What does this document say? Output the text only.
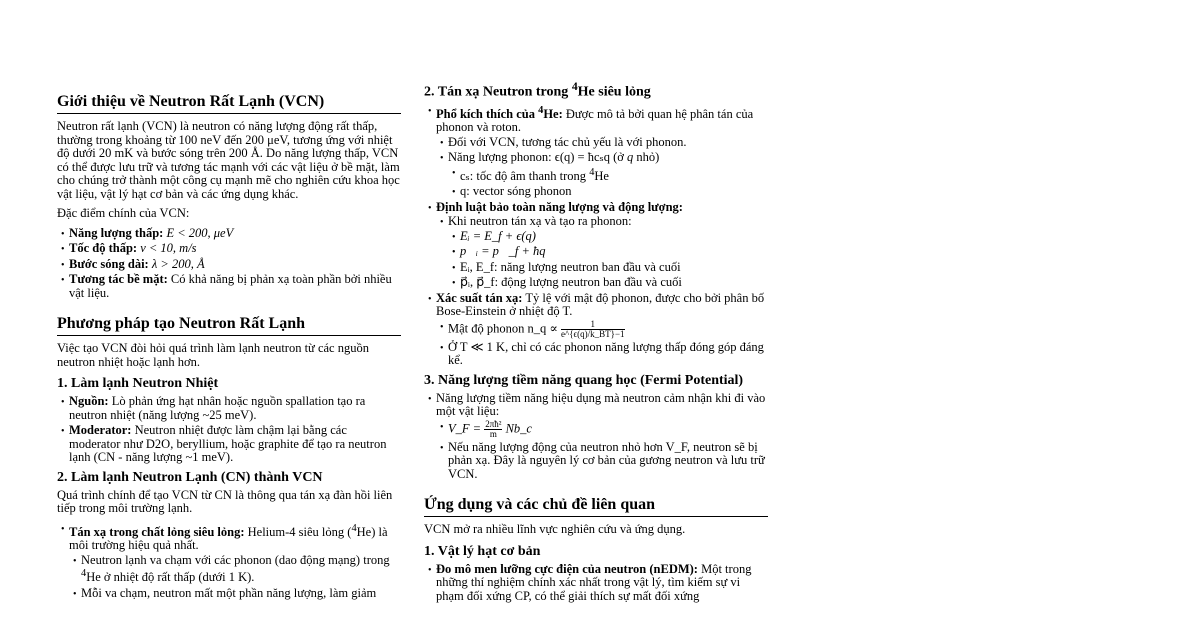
Giới thiệu về Neutron Rất Lạnh (VCN)

Neutron rất lạnh (VCN) là neutron có năng lượng động rất thấp, thường trong khoảng từ 100 neV đến 200 μeV, tương ứng với nhiệt độ dưới 20 mK và bước sóng trên 200 Å. Do năng lượng thấp, VCN có thể được lưu trữ và tương tác mạnh với các vật liệu ở bề mặt, làm cho chúng trở thành một công cụ mạnh mẽ cho nghiên cứu khoa học vật liệu, vật lý hạt cơ bản và các ứng dụng khác.

Đặc điểm chính của VCN:

• Năng lượng thấp: E < 200, μeV
• Tốc độ thấp: v < 10, m/s
• Bước sóng dài: λ > 200, Å
• Tương tác bề mặt: Có khả năng bị phản xạ toàn phần bởi nhiều vật liệu.
Phương pháp tạo Neutron Rất Lạnh

Việc tạo VCN đòi hỏi quá trình làm lạnh neutron từ các nguồn neutron nhiệt hoặc lạnh hơn.

1. Làm lạnh Neutron Nhiệt
• Nguồn: Lò phản ứng hạt nhân hoặc nguồn spallation tạo ra neutron nhiệt (năng lượng ~25 meV).
• Moderator: Neutron nhiệt được làm chậm lại bằng các moderator như D2O, beryllium, hoặc graphite để tạo ra neutron lạnh (CN - năng lượng ~1 meV).
2. Làm lạnh Neutron Lạnh (CN) thành VCN

Quá trình chính để tạo VCN từ CN là thông qua tán xạ đàn hồi liên tiếp trong môi trường lạnh.

• Tán xạ trong chất lỏng siêu lỏng: Helium-4 siêu lỏng ($^4$He) là môi trường hiệu quả nhất.
• Neutron lạnh va chạm với các phonon (dao động mạng) trong $^4$He ở nhiệt độ rất thấp (dưới 1 K).
• Mỗi va chạm, neutron mất một phần năng lượng, làm giảm
2. Tán xạ Neutron trong $^4$He siêu lỏng
• Phổ kích thích của $^4$He: Được mô tả bởi quan hệ phân tán của phonon và roton.
• Đối với VCN, tương tác chủ yếu là với phonon.
• Năng lượng phonon: ϵ(q) = ħcₛq (ở q nhỏ)
• cₛ: tốc độ âm thanh trong $^4$He
• q: vector sóng phonon
• Định luật bảo toàn năng lượng và động lượng:
• Khi neutron tán xạ và tạo ra phonon:
• Eᵢ = E_f + ϵ(q)
• p⃗ᵢ = p⃗_f + ħq⃗
• Eᵢ, E_f: năng lượng neutron ban đầu và cuối
• p⃗ᵢ, p⃗_f: động lượng neutron ban đầu và cuối
• Xác suất tán xạ: Tỷ lệ với mật độ phonon, được cho bởi phân bố Bose-Einstein ở nhiệt độ T.
• Mật độ phonon n_q ∝ $\frac{1}{e\^{}\{\epsilon(q)/k\_BT\}-1}$
• Ở T ≪ 1 K, chỉ có các phonon năng lượng thấp đóng góp đáng kể.
3. Năng lượng tiềm năng quang học (Fermi Potential)
• Năng lượng tiềm năng hiệu dụng mà neutron cảm nhận khi đi vào một vật liệu:
• V_F = $\frac{\text{2πħ²}}{m}$ Nb_c
• Nếu năng lượng động của neutron nhỏ hơn V_F, neutron sẽ bị phản xạ. Đây là nguyên lý cơ bản của gương neutron và lưu trữ VCN.
Ứng dụng và các chủ đề liên quan

VCN mở ra nhiều lĩnh vực nghiên cứu và ứng dụng.

1. Vật lý hạt cơ bản
• Đo mô men lưỡng cực điện của neutron (nEDM): Một trong những thí nghiệm chính xác nhất trong vật lý, tìm kiếm sự vi phạm đối xứng CP, có thể giải thích sự mất đối xứng
